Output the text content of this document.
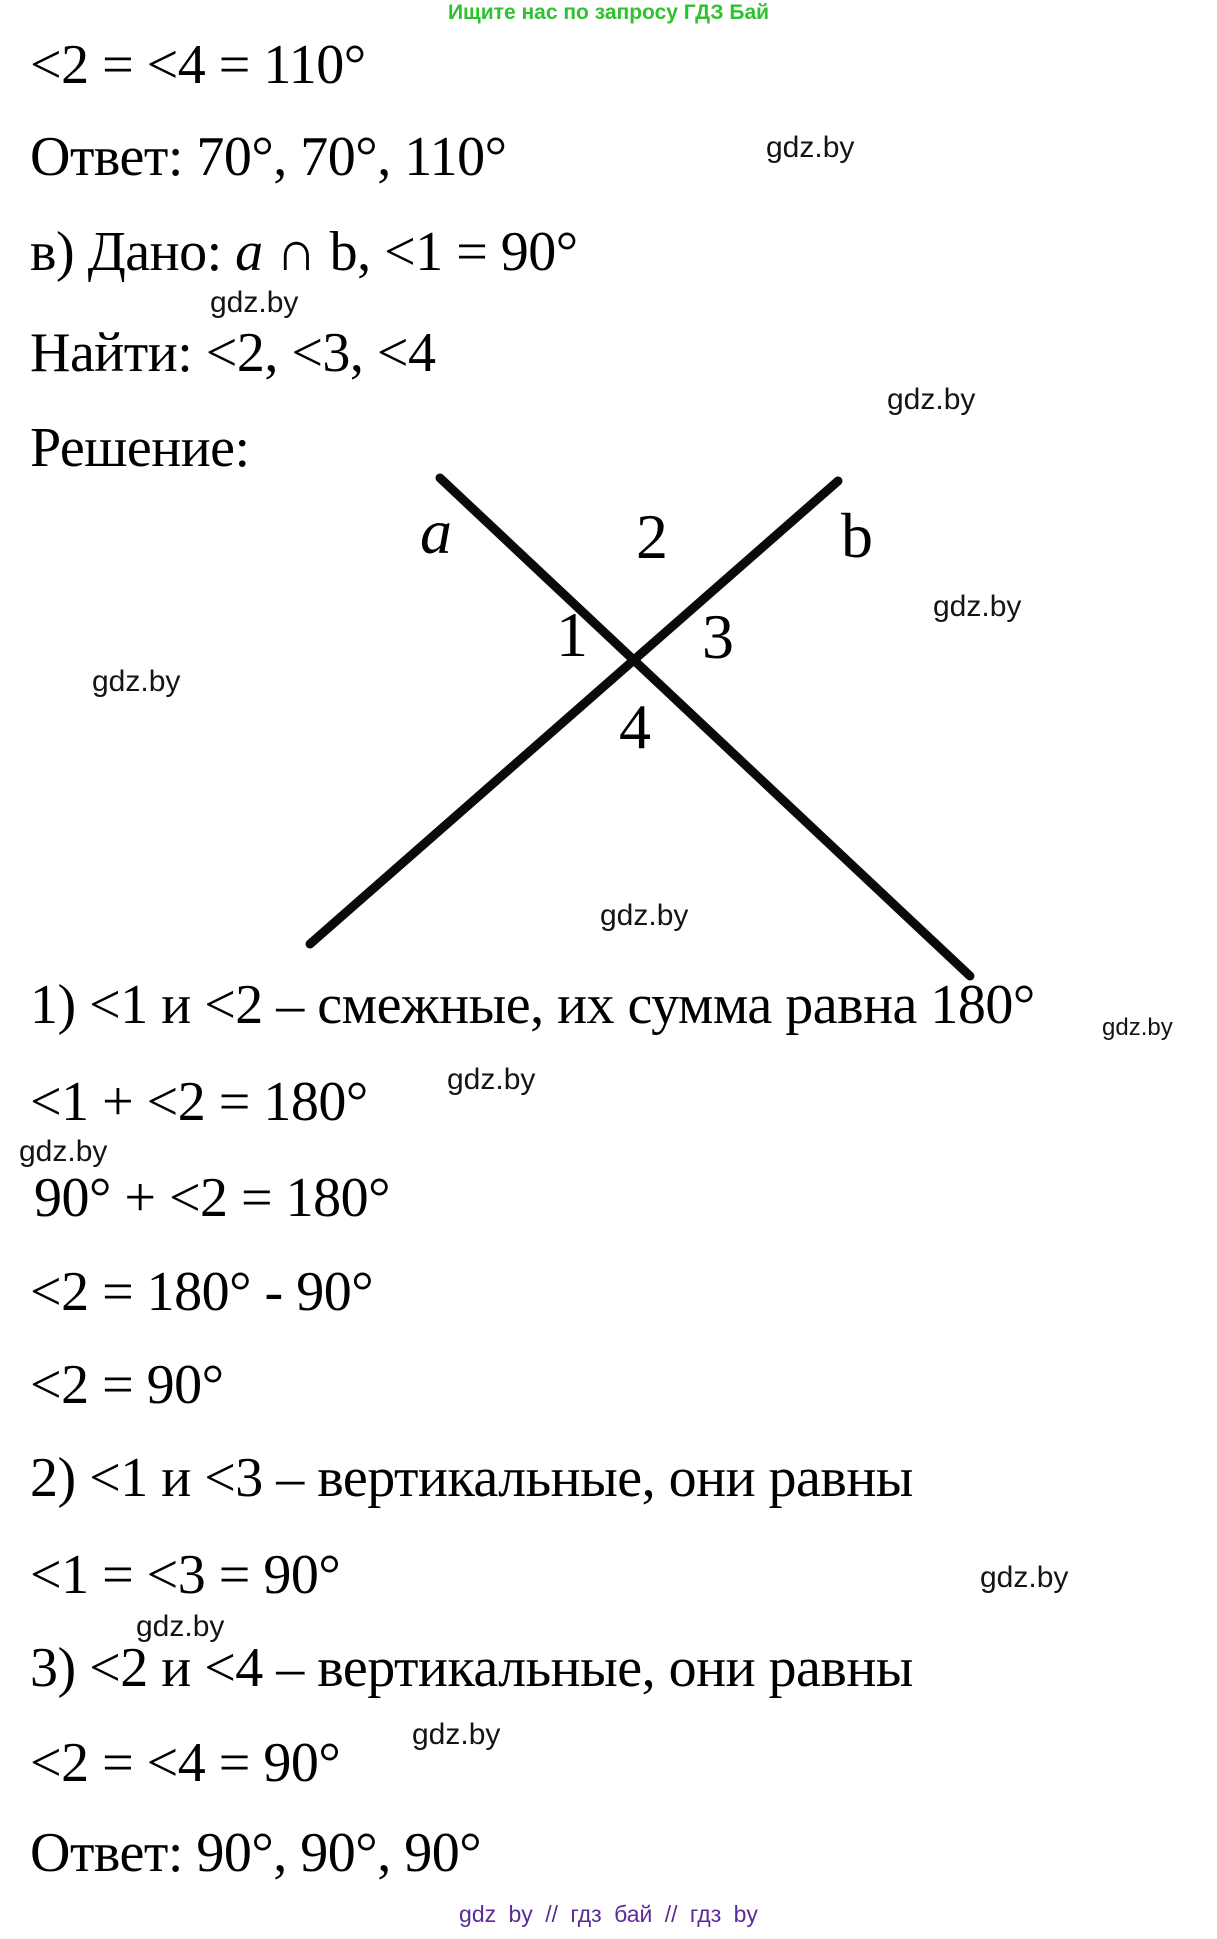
Ищите нас по запросу ГДЗ Бай
<2 = <4 = 110°
Ответ: 70°, 70°, 110°	gdz.by
в) Дано: a ∩ b, <1 = 90°
gdz.by
Найти: <2, <3, <4
gdz.by
Решение:
a	2	b
1 3
4
gdz.by
gdz.by
gdz.by
1) <1 и <2 – смежные, их сумма равна 180°	gdz.by
gdz.by
<1 + <2 = 180°
gdz.by
90° + <2 = 180°
<2 = 180° - 90°
<2 = 90°
2) <1 и <3 – вертикальные, они равны
<1 = <3 = 90°	gdz.by
gdz.by
3) <2 и <4 – вертикальные, они равны
gdz.by
<2 = <4 = 90°
Ответ: 90°, 90°, 90°
gdz by // гдз бай // гдз by
